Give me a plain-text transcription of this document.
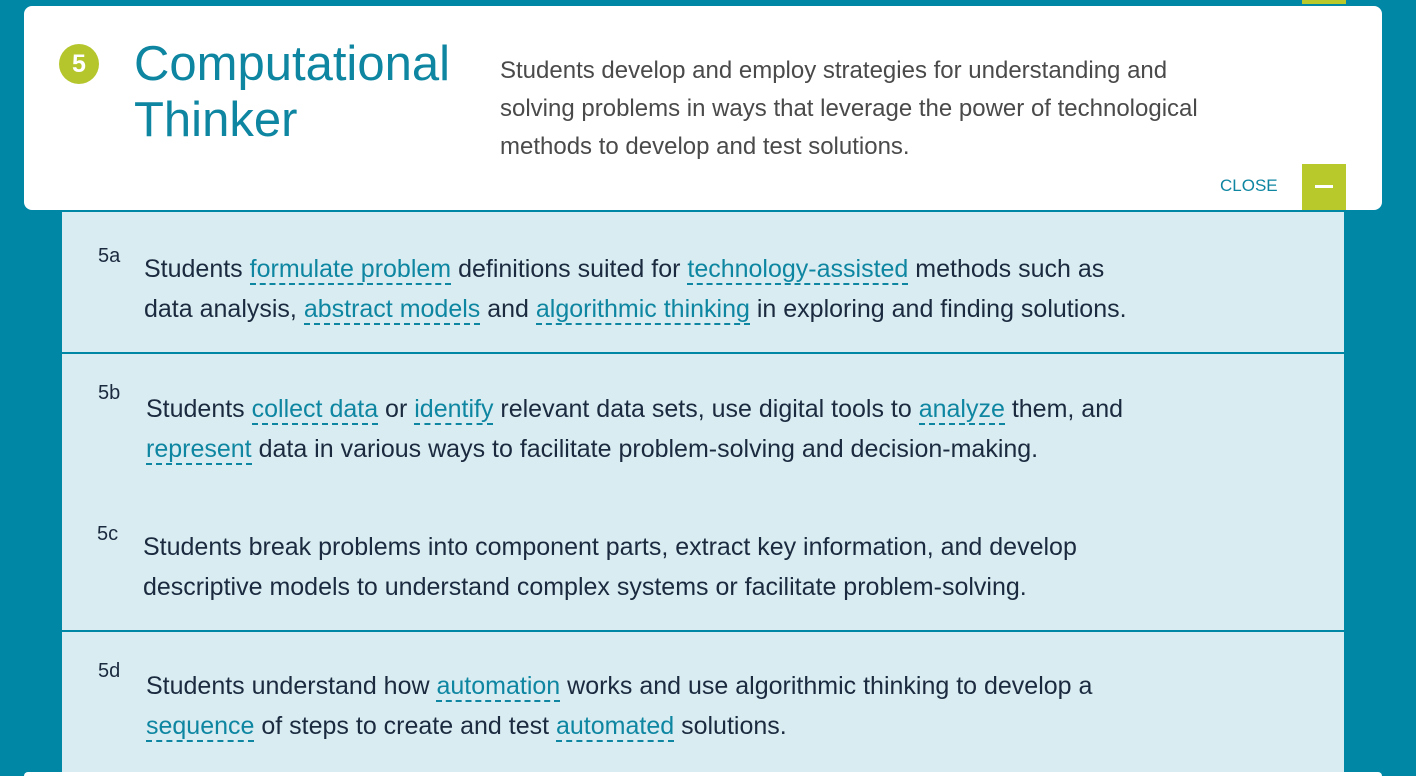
5 Computational
Thinker

Students develop and employ strategies for understanding and solving problems in ways that leverage the power of technological methods to develop and test solutions.

CLOSE
5a Students formulate problem definitions suited for technology-assisted methods such as
data analysis, abstract models and algorithmic thinking in exploring and finding solutions.

5b

Students collect data or identify relevant data sets, use digital tools to analyze them, and
represent data in various ways to facilitate problem-solving and decision-making.

5c Students break problems into component parts, extract key information, and develop
descriptive models to understand complex systems or facilitate problem-solving.

5d

Students understand how automation works and use algorithmic thinking to develop a
sequence of steps to create and test automated solutions.
